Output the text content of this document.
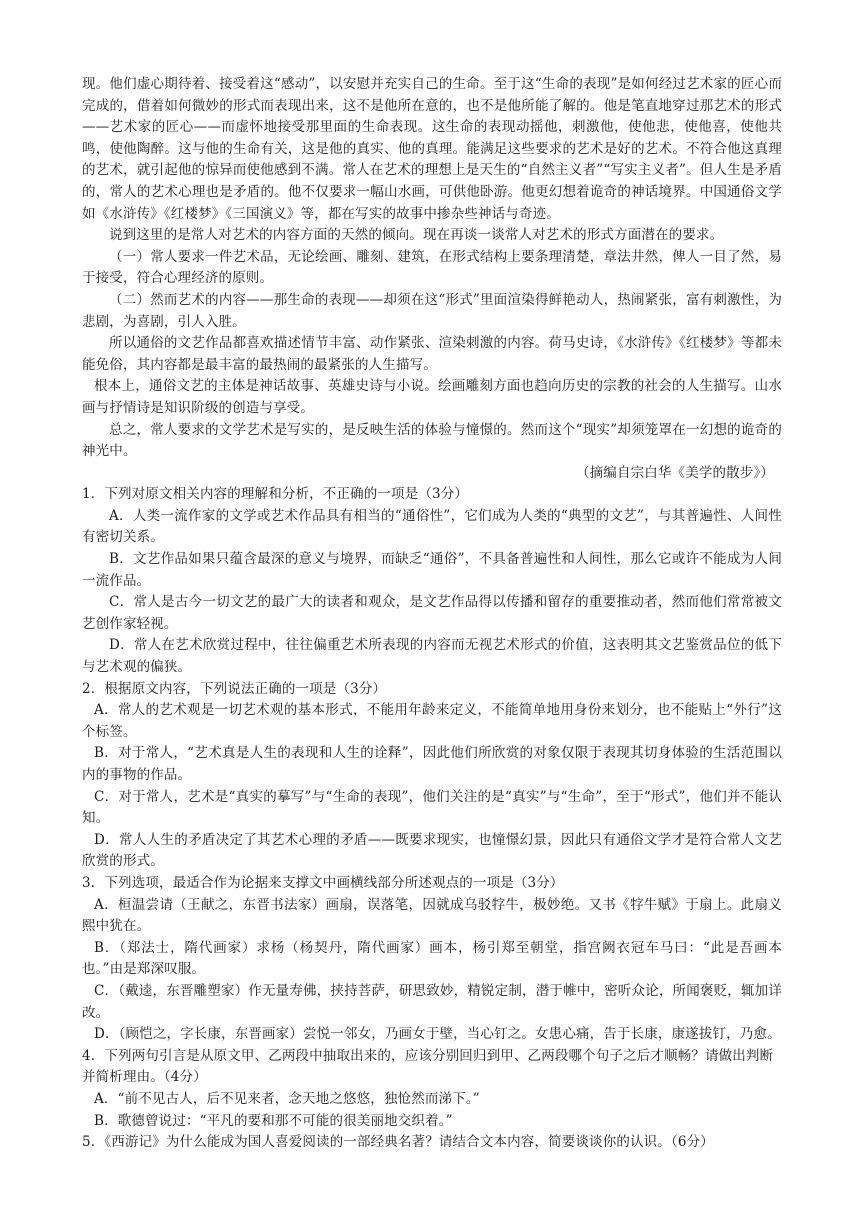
现。他们虚心期待着、接受着这“感动”，以安慰并充实自己的生命。至于这“生命的表现”是如何经过艺术家的匠心而完成的，借着如何微妙的形式而表现出来，这不是他所在意的，也不是他所能了解的。他是笔直地穿过那艺术的形式——艺术家的匠心——而虚怀地接受那里面的生命表现。这生命的表现动摇他，刺激他，使他悲，使他喜，使他共鸣，使他陶醉。这与他的生命有关，这是他的真实、他的真理。能满足这些要求的艺术是好的艺术。不符合他这真理的艺术，就引起他的惊异而使他感到不满。常人在艺术的理想上是天生的“自然主义者”“写实主义者”。但人生是矛盾的，常人的艺术心理也是矛盾的。他不仅要求一幅山水画，可供他卧游。他更幻想着诡奇的神话境界。中国通俗文学如《水浒传》《红楼梦》《三国演义》等，都在写实的故事中掺杂些神话与奇迹。

说到这里的是常人对艺术的内容方面的天然的倾向。现在再谈一谈常人对艺术的形式方面潜在的要求。

（一）常人要求一件艺术品，无论绘画、雕刻、建筑，在形式结构上要条理清楚，章法井然，俾人一目了然，易于接受，符合心理经济的原则。

（二）然而艺术的内容——那生命的表现——却须在这“形式”里面渲染得鲜艳动人，热闹紧张，富有刺激性，为悲剧，为喜剧，引人入胜。

所以通俗的文艺作品都喜欢描述情节丰富、动作紧张、渲染刺激的内容。荷马史诗，《水浒传》《红楼梦》等都未能免俗，其内容都是最丰富的最热闹的最紧张的人生描写。

根本上，通俗文艺的主体是神话故事、英雄史诗与小说。绘画雕刻方面也趋向历史的宗教的社会的人生描写。山水画与抒情诗是知识阶级的创造与享受。

总之，常人要求的文学艺术是写实的，是反映生活的体验与憧憬的。然而这个“现实”却须笼罩在一幻想的诡奇的神光中。

（摘编自宗白华《美学的散步》）

1．下列对原文相关内容的理解和分析，不正确的一项是（3分）

A．人类一流作家的文学或艺术作品具有相当的“通俗性”，它们成为人类的“典型的文艺”，与其普遍性、人间性有密切关系。

B．文艺作品如果只蕴含最深的意义与境界，而缺乏“通俗”，不具备普遍性和人间性，那么它或许不能成为人间一流作品。

C．常人是古今一切文艺的最广大的读者和观众，是文艺作品得以传播和留存的重要推动者，然而他们常常被文艺创作家轻视。

D．常人在艺术欣赏过程中，往往偏重艺术所表现的内容而无视艺术形式的价值，这表明其文艺鉴赏品位的低下与艺术观的偏狭。

2．根据原文内容，下列说法正确的一项是（3分）

A．常人的艺术观是一切艺术观的基本形式，不能用年龄来定义，不能简单地用身份来划分，也不能贴上“外行”这个标签。

B．对于常人，“艺术真是人生的表现和人生的诠释”，因此他们所欣赏的对象仅限于表现其切身体验的生活范围以内的事物的作品。

C．对于常人，艺术是“真实的摹写”与“生命的表现”，他们关注的是“真实”与“生命”，至于“形式”，他们并不能认知。

D．常人人生的矛盾决定了其艺术心理的矛盾——既要求现实，也憧憬幻景，因此只有通俗文学才是符合常人文艺欣赏的形式。

3．下列选项，最适合作为论据来支撑文中画横线部分所述观点的一项是（3分）

A．桓温尝请（王献之，东晋书法家）画扇，误落笔，因就成乌驳牸牛，极妙绝。又书《牸牛赋》于扇上。此扇义熙中犹在。

B．（郑法士，隋代画家）求杨（杨契丹，隋代画家）画本，杨引郑至朝堂，指宫阙衣冠车马曰：“此是吾画本也。”由是郑深叹服。

C．（戴逵，东晋雕塑家）作无量寿佛，挟持菩萨，研思致妙，精锐定制，潜于帷中，密听众论，所闻褒贬，辄加详改。

D．（顾恺之，字长康，东晋画家）尝悦一邻女，乃画女于壁，当心钉之。女患心痛，告于长康，康遂拔钉，乃愈。

4．下列两句引言是从原文甲、乙两段中抽取出来的，应该分别回归到甲、乙两段哪个句子之后才顺畅？请做出判断并简析理由。（4分）

A．“前不见古人，后不见来者，念天地之悠悠，独怆然而涕下。”

B．歌德曾说过：“平凡的要和那不可能的很美丽地交织着。”

5．《西游记》为什么能成为国人喜爱阅读的一部经典名著？请结合文本内容，简要谈谈你的认识。（6分）
